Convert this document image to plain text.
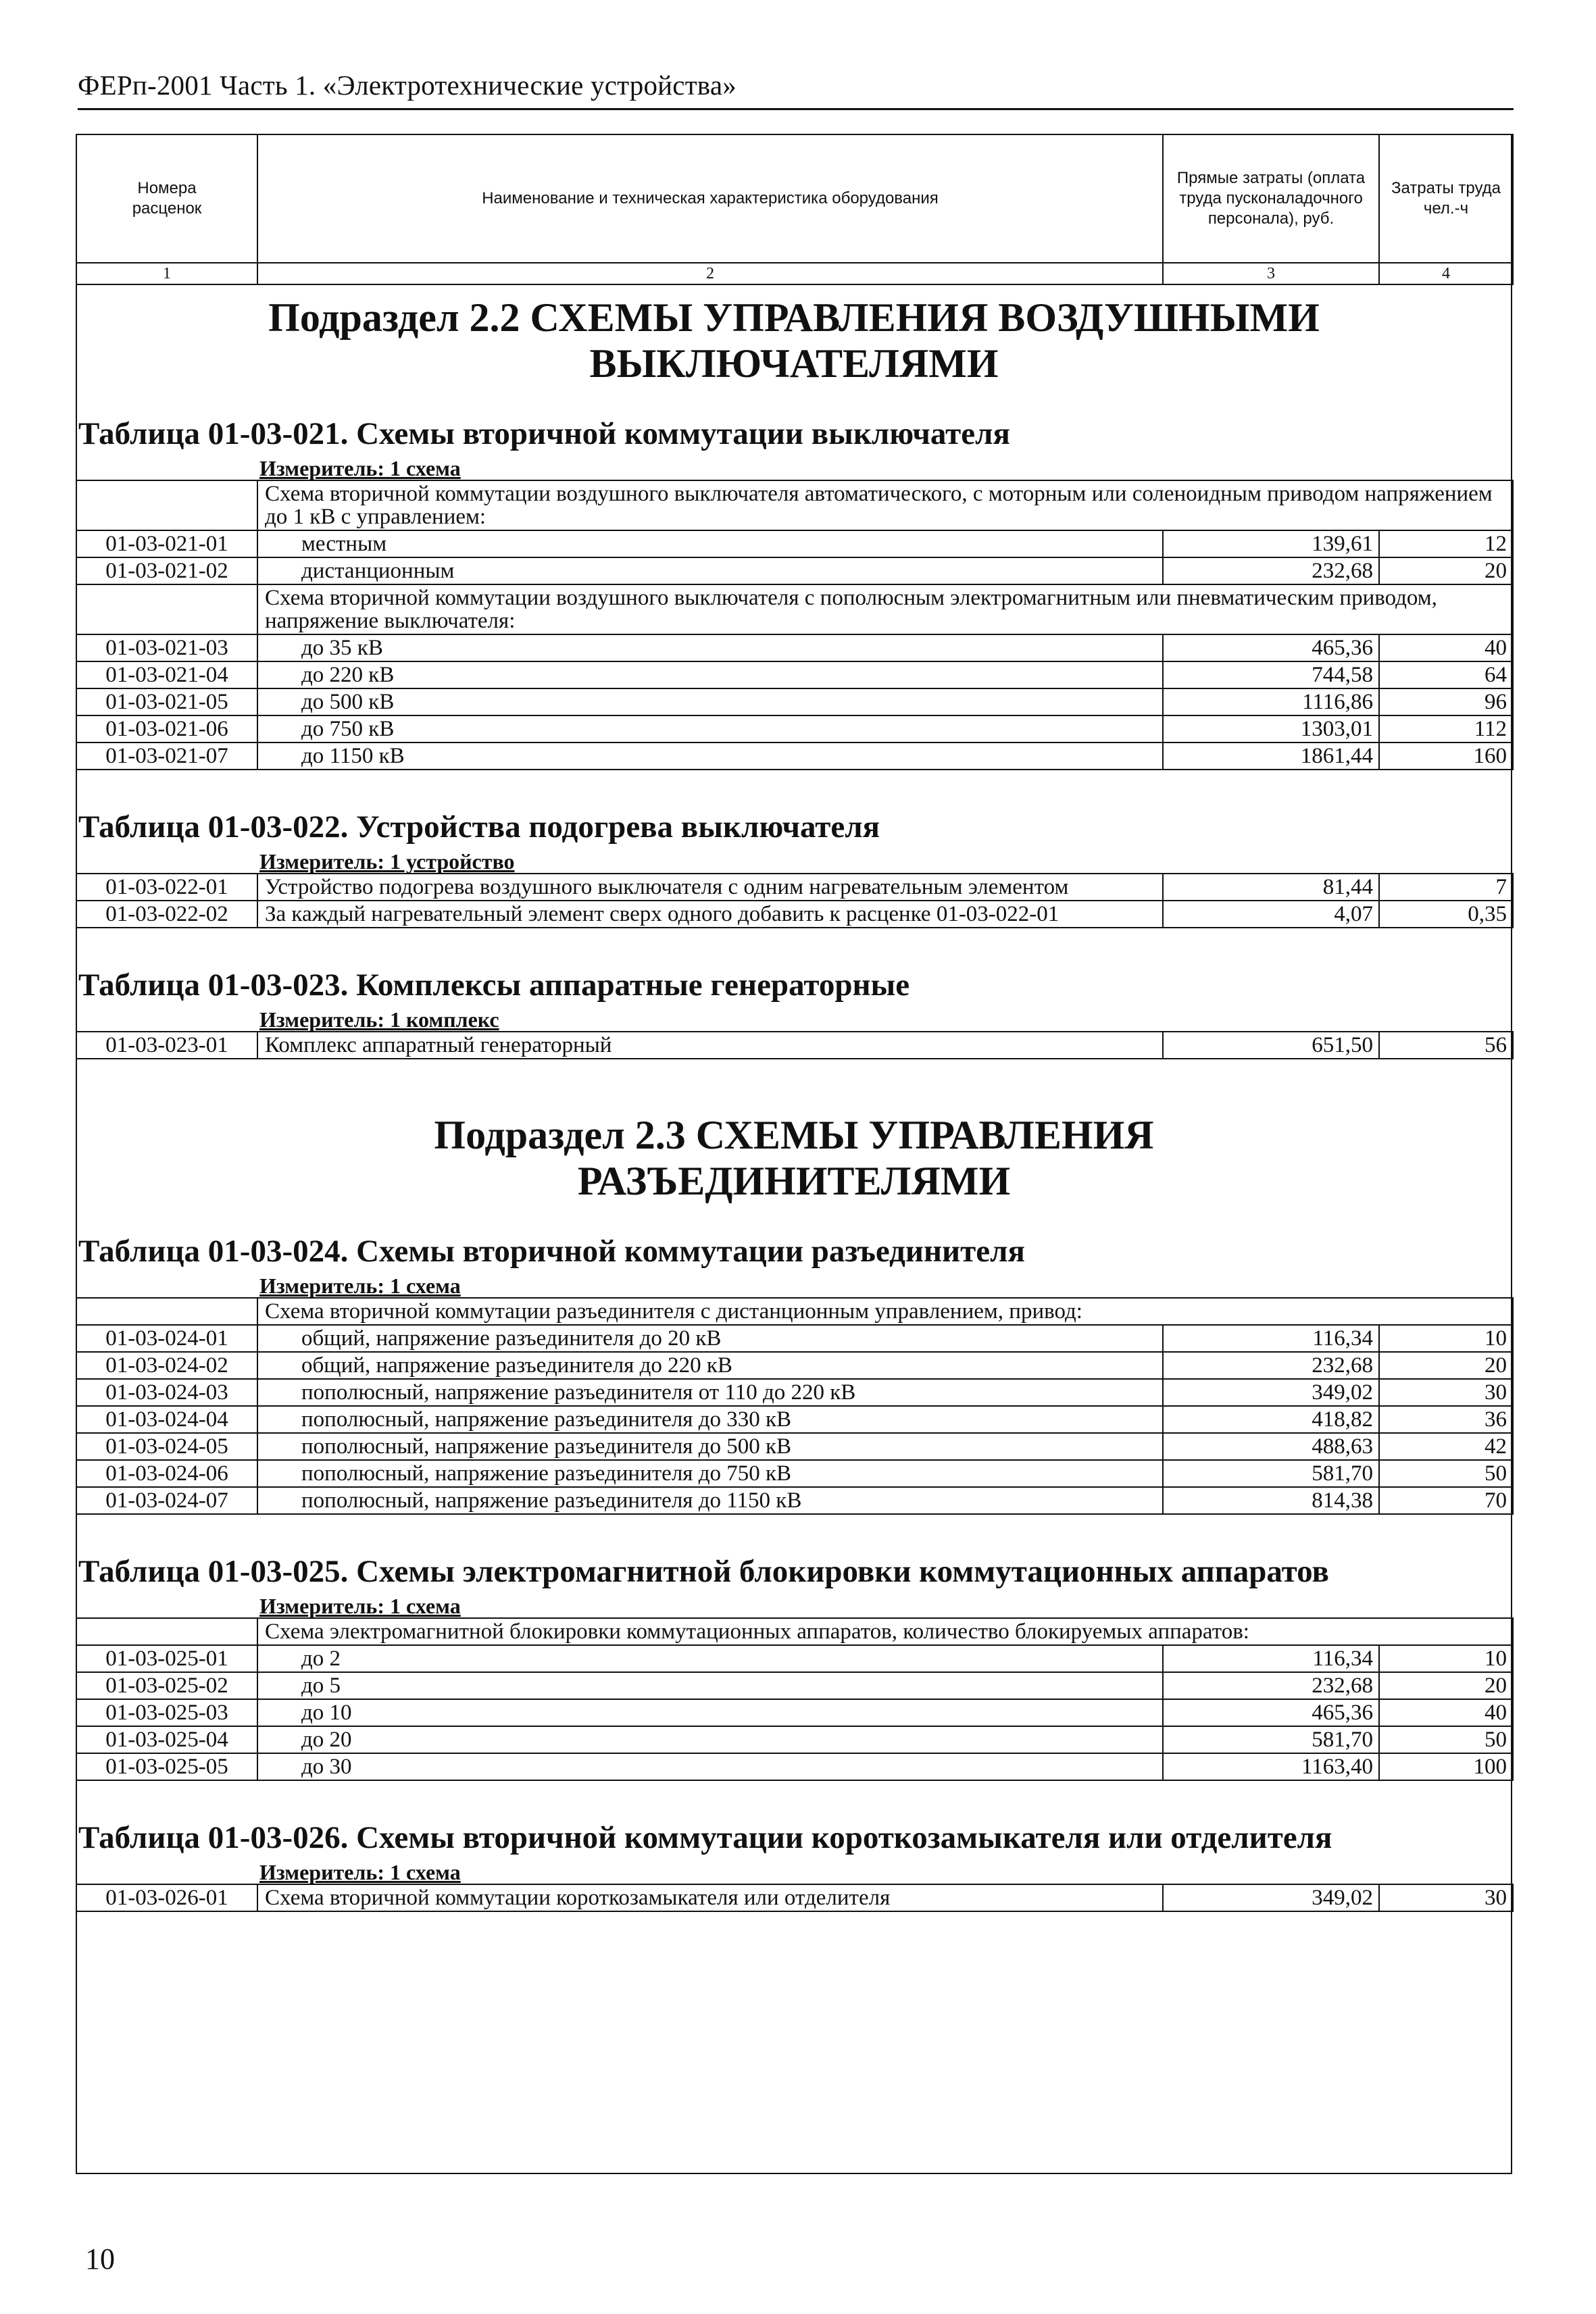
ФЕРп-2001 Часть 1. «Электротехнические устройства»
Номера расценок	Наименование и техническая характеристика оборудования	Прямые затраты (оплата труда пусконаладочного персонала), руб.	Затраты труда чел.-ч
1	2	3	4
Подраздел 2.2 СХЕМЫ УПРАВЛЕНИЯ ВОЗДУШНЫМИ ВЫКЛЮЧАТЕЛЯМИ
Таблица 01-03-021. Схемы вторичной коммутации выключателя
Измеритель: 1 схема
	Схема вторичной коммутации воздушного выключателя автоматического, с моторным или соленоидным приводом напряжением до 1 кВ с управлением:		
01-03-021-01	местным	139,61	12
01-03-021-02	дистанционным	232,68	20
	Схема вторичной коммутации воздушного выключателя с пополюсным электромагнитным или пневматическим приводом, напряжение выключателя:		
01-03-021-03	до 35 кВ	465,36	40
01-03-021-04	до 220 кВ	744,58	64
01-03-021-05	до 500 кВ	1116,86	96
01-03-021-06	до 750 кВ	1303,01	112
01-03-021-07	до 1150 кВ	1861,44	160
Таблица 01-03-022. Устройства подогрева выключателя
Измеритель: 1 устройство
01-03-022-01	Устройство подогрева воздушного выключателя с одним нагревательным элементом	81,44	7
01-03-022-02	За каждый нагревательный элемент сверх одного добавить к расценке 01-03-022-01	4,07	0,35
Таблица 01-03-023. Комплексы аппаратные генераторные
Измеритель: 1 комплекс
01-03-023-01	Комплекс аппаратный генераторный	651,50	56
Подраздел 2.3 СХЕМЫ УПРАВЛЕНИЯ РАЗЪЕДИНИТЕЛЯМИ
Таблица 01-03-024. Схемы вторичной коммутации разъединителя
Измеритель: 1 схема
	Схема вторичной коммутации разъединителя с дистанционным управлением, привод:		
01-03-024-01	общий, напряжение разъединителя до 20 кВ	116,34	10
01-03-024-02	общий, напряжение разъединителя до 220 кВ	232,68	20
01-03-024-03	пополюсный, напряжение разъединителя от 110 до 220 кВ	349,02	30
01-03-024-04	пополюсный, напряжение разъединителя до 330 кВ	418,82	36
01-03-024-05	пополюсный, напряжение разъединителя до 500 кВ	488,63	42
01-03-024-06	пополюсный, напряжение разъединителя до 750 кВ	581,70	50
01-03-024-07	пополюсный, напряжение разъединителя до 1150 кВ	814,38	70
Таблица 01-03-025. Схемы электромагнитной блокировки коммутационных аппаратов
Измеритель: 1 схема
	Схема электромагнитной блокировки коммутационных аппаратов, количество блокируемых аппаратов:		
01-03-025-01	до 2	116,34	10
01-03-025-02	до 5	232,68	20
01-03-025-03	до 10	465,36	40
01-03-025-04	до 20	581,70	50
01-03-025-05	до 30	1163,40	100
Таблица 01-03-026. Схемы вторичной коммутации короткозамыкателя или отделителя
Измеритель: 1 схема
01-03-026-01	Схема вторичной коммутации короткозамыкателя или отделителя	349,02	30
10
